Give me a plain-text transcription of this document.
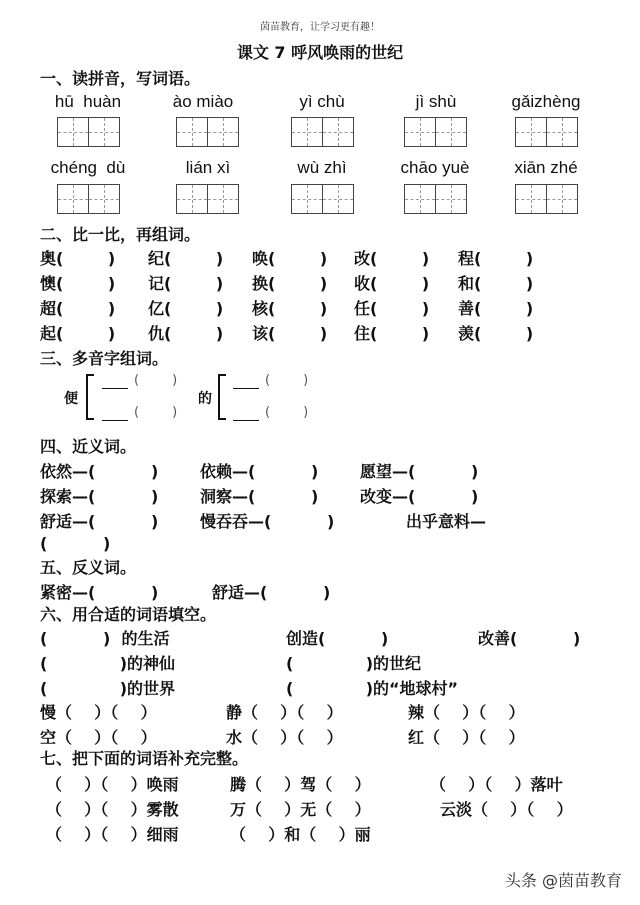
茵苗教育，让学习更有趣！
课文 7 呼风唤雨的世纪
一、读拼音，写词语。
hū  huàn	ào miào	yì chù	jì shù	gǎizhèng
chéng  dù	lián xì	wù zhì	chāo yuè	xiān zhé
二、比一比，再组词。
奥(        ) 纪(        ) 唤(        ) 改(        ) 程(        )
懊(        ) 记(        ) 换(        ) 收(        ) 和(        )
超(        ) 亿(        ) 核(        ) 任(        ) 善(        )
起(        ) 仇(        ) 该(        ) 住(        ) 羡(        )
三、多音字组词。
便
(        )
(        )
的
(        )
(        )
四、近义词。
依然—(          )	依赖—(          )	愿望—(          )
探索—(          )	洞察—(          )	改变—(          )
舒适—(          )	慢吞吞—(          )	出乎意料—
(          )
五、反义词。
紧密—(          )	舒适—(          )
六、用合适的词语填空。
(          )  的生活	创造(          )	改善(          )
(             )的神仙	(             )的世纪
(             )的世界	(             )的“地球村”
慢（    ）（    ）	静（    ）（    ）	辣（    ）（    ）
空（    ）（    ）	水（    ）（    ）	红（    ）（    ）
七、把下面的词语补充完整。
（    ）（    ）唤雨	腾（    ）驾（    ）	（    ）（    ）落叶
（    ）（    ）雾散	万（    ）无（    ）	云淡（    ）（    ）
（    ）（    ）细雨	（    ）和（    ）丽
头条 @茵苗教育
